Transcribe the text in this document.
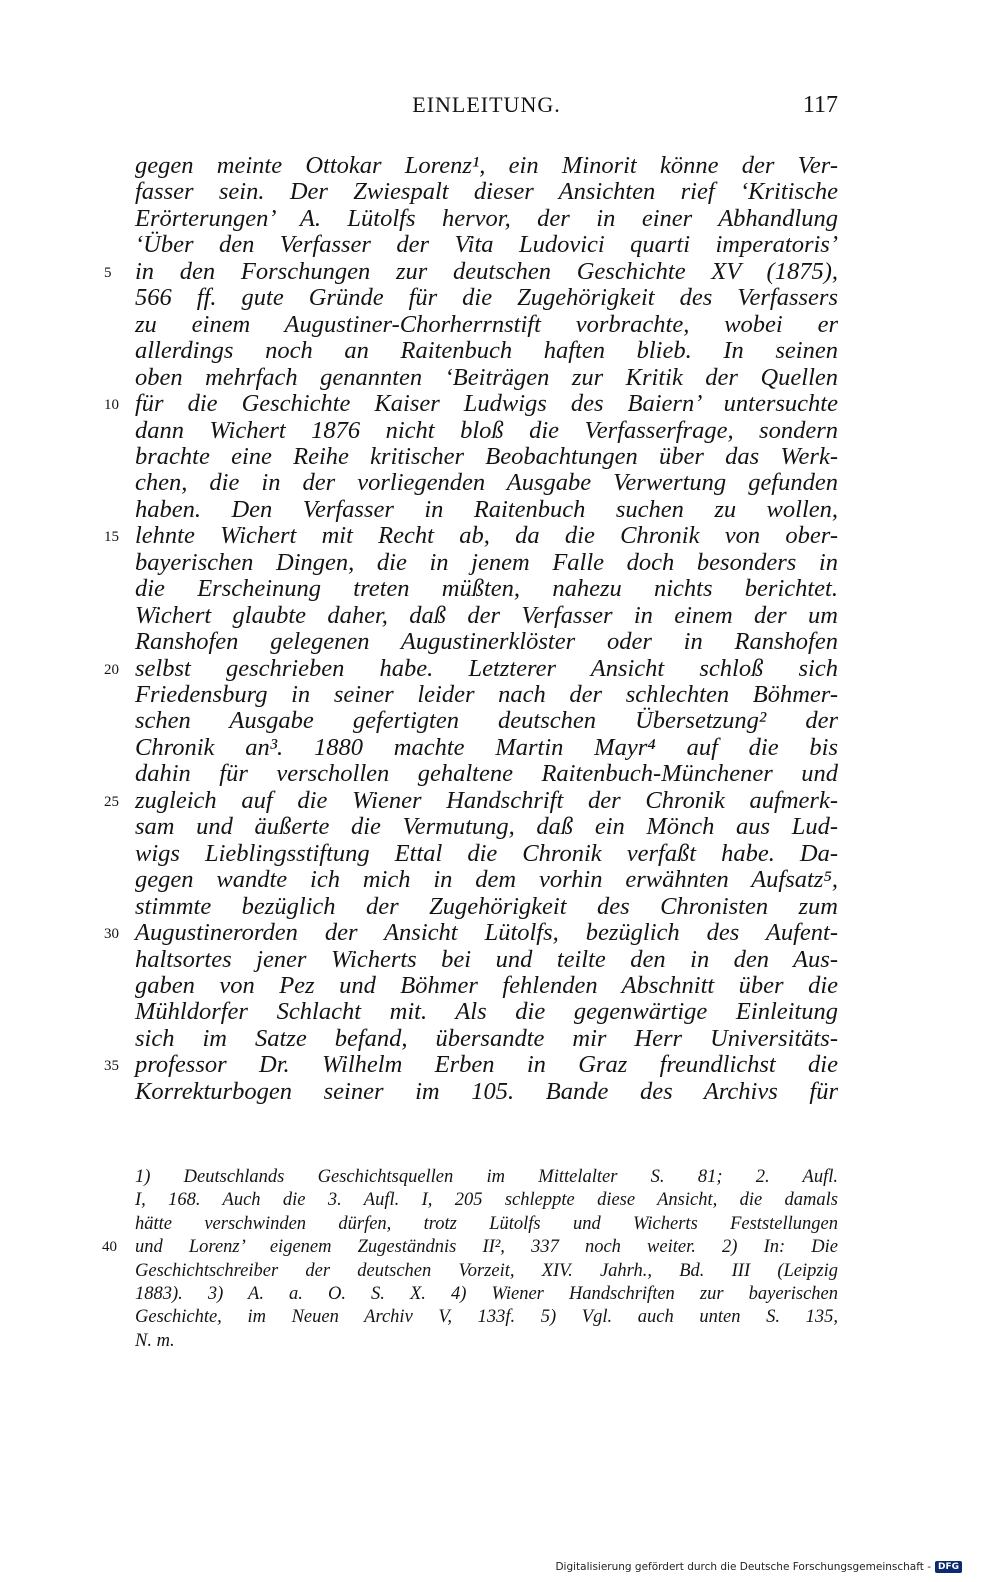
EINLEITUNG.	117
gegen meinte Ottokar Lorenz¹, ein Minorit könne der Ver-
fasser sein. Der Zwiespalt dieser Ansichten rief ‘Kritische
Erörterungen’ A. Lütolfs hervor, der in einer Abhandlung
‘Über den Verfasser der Vita Ludovici quarti imperatoris’
in den Forschungen zur deutschen Geschichte XV (1875),
566 ff. gute Gründe für die Zugehörigkeit des Verfassers
zu einem Augustiner-Chorherrnstift vorbrachte, wobei er
allerdings noch an Raitenbuch haften blieb. In seinen
oben mehrfach genannten ‘Beiträgen zur Kritik der Quellen
für die Geschichte Kaiser Ludwigs des Baiern’ untersuchte
dann Wichert 1876 nicht bloß die Verfasserfrage, sondern
brachte eine Reihe kritischer Beobachtungen über das Werk-
chen, die in der vorliegenden Ausgabe Verwertung gefunden
haben. Den Verfasser in Raitenbuch suchen zu wollen,
lehnte Wichert mit Recht ab, da die Chronik von ober-
bayerischen Dingen, die in jenem Falle doch besonders in
die Erscheinung treten müßten, nahezu nichts berichtet.
Wichert glaubte daher, daß der Verfasser in einem der um
Ranshofen gelegenen Augustinerklöster oder in Ranshofen
selbst geschrieben habe. Letzterer Ansicht schloß sich
Friedensburg in seiner leider nach der schlechten Böhmer-
schen Ausgabe gefertigten deutschen Übersetzung² der
Chronik an³. 1880 machte Martin Mayr⁴ auf die bis
dahin für verschollen gehaltene Raitenbuch-Münchener und
zugleich auf die Wiener Handschrift der Chronik aufmerk-
sam und äußerte die Vermutung, daß ein Mönch aus Lud-
wigs Lieblingsstiftung Ettal die Chronik verfaßt habe. Da-
gegen wandte ich mich in dem vorhin erwähnten Aufsatz⁵,
stimmte bezüglich der Zugehörigkeit des Chronisten zum
Augustinerorden der Ansicht Lütolfs, bezüglich des Aufent-
haltsortes jener Wicherts bei und teilte den in den Aus-
gaben von Pez und Böhmer fehlenden Abschnitt über die
Mühldorfer Schlacht mit. Als die gegenwärtige Einleitung
sich im Satze befand, übersandte mir Herr Universitäts-
professor Dr. Wilhelm Erben in Graz freundlichst die
Korrekturbogen seiner im 105. Bande des Archivs für
5
10
15
20
25
30
35
1) Deutschlands Geschichtsquellen im Mittelalter S. 81; 2. Aufl.
I, 168. Auch die 3. Aufl. I, 205 schleppte diese Ansicht, die damals
hätte verschwinden dürfen, trotz Lütolfs und Wicherts Feststellungen
und Lorenz’ eigenem Zugeständnis II², 337 noch weiter. 2) In: Die
Geschichtschreiber der deutschen Vorzeit, XIV. Jahrh., Bd. III (Leipzig
1883). 3) A. a. O. S. X. 4) Wiener Handschriften zur bayerischen
Geschichte, im Neuen Archiv V, 133f. 5) Vgl. auch unten S. 135,
N. m.
40
Digitalisierung gefördert durch die Deutsche Forschungsgemeinschaft - DFG
